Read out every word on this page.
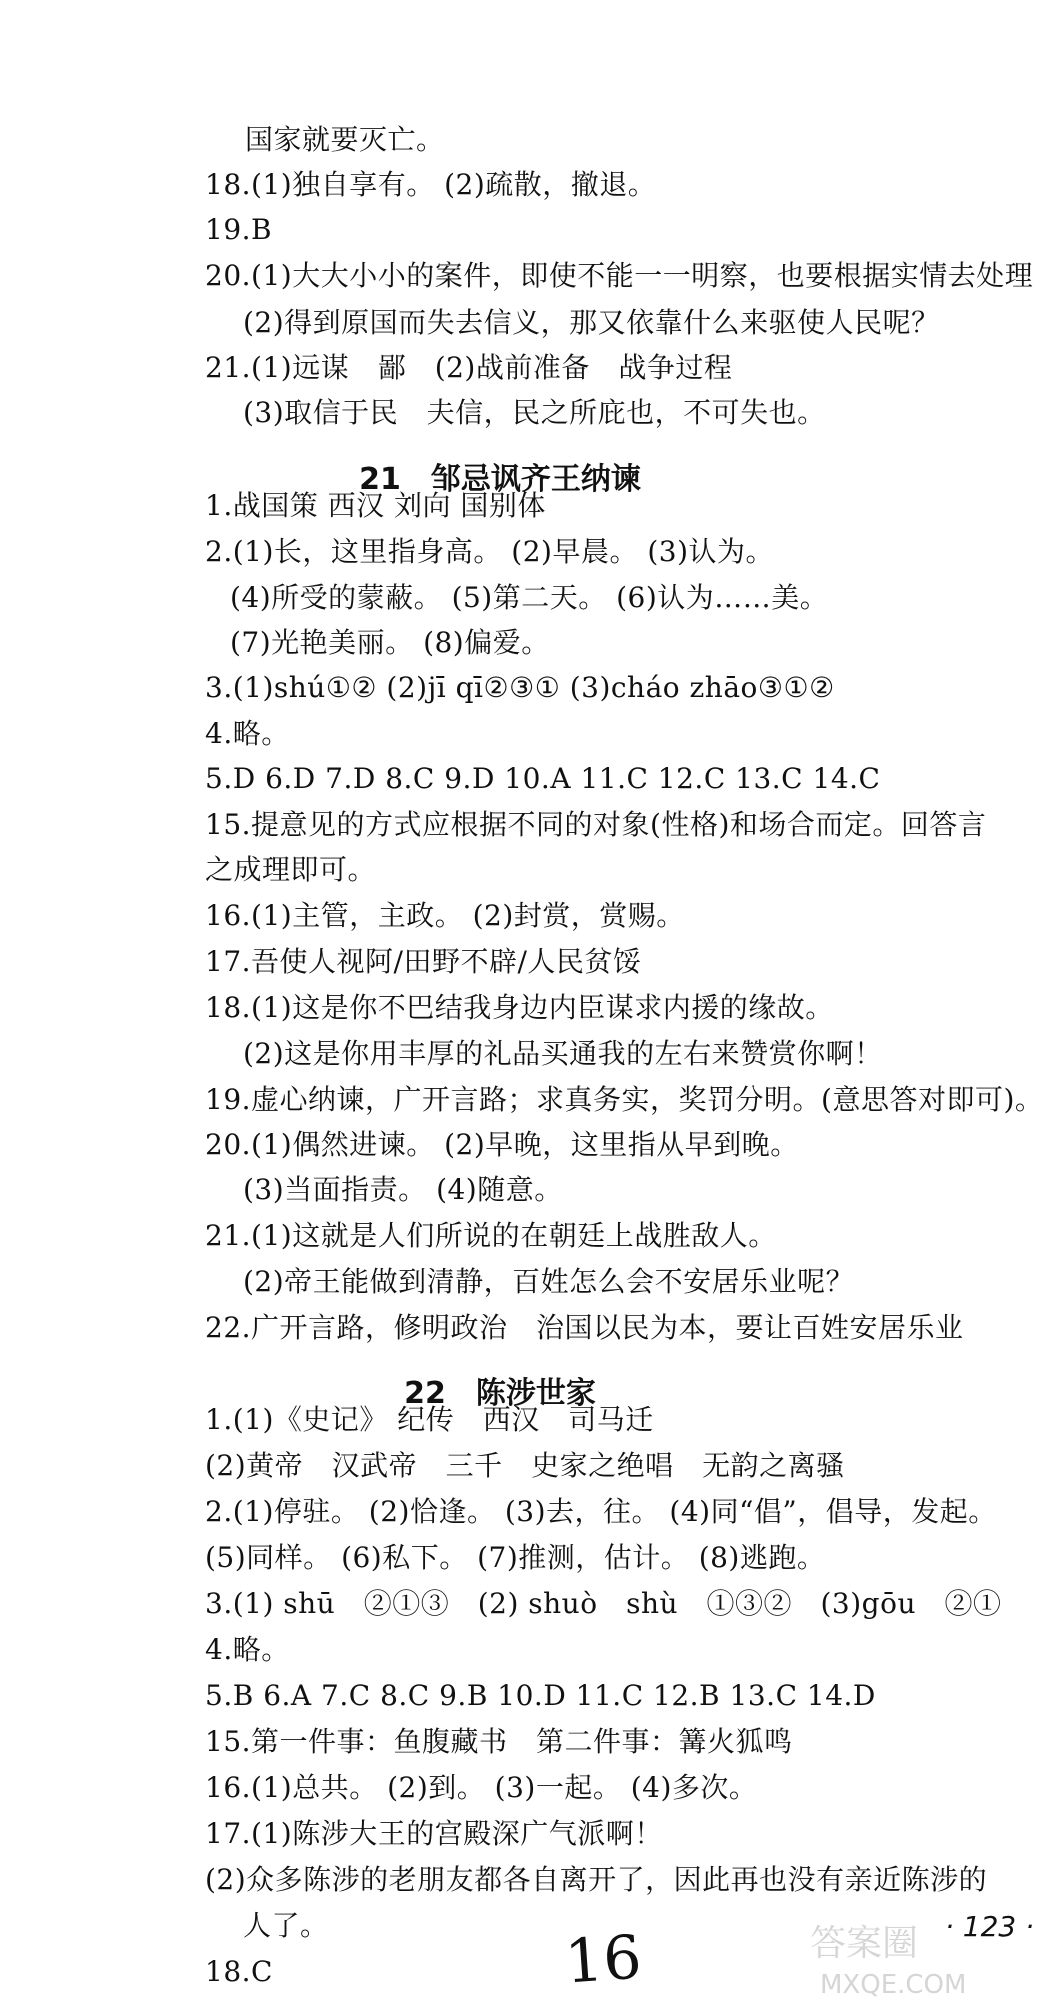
国家就要灭亡。
18.(1)独自享有。 (2)疏散，撤退。
19.B
20.(1)大大小小的案件，即使不能一一明察，也要根据实情去处理
(2)得到原国而失去信义，那又依靠什么来驱使人民呢？
21.(1)远谋　鄙　(2)战前准备　战争过程
(3)取信于民　夫信，民之所庇也，不可失也。
21　邹忌讽齐王纳谏
1.战国策 西汉 刘向 国别体
2.(1)长，这里指身高。 (2)早晨。 (3)认为。
(4)所受的蒙蔽。 (5)第二天。 (6)认为……美。
(7)光艳美丽。 (8)偏爱。
3.(1)shú①② (2)jī qī②③① (3)cháo zhāo③①②
4.略。
5.D 6.D 7.D 8.C 9.D 10.A 11.C 12.C 13.C 14.C
15.提意见的方式应根据不同的对象(性格)和场合而定。回答言
之成理即可。
16.(1)主管，主政。 (2)封赏，赏赐。
17.吾使人视阿/田野不辟/人民贫馁
18.(1)这是你不巴结我身边内臣谋求内援的缘故。
(2)这是你用丰厚的礼品买通我的左右来赞赏你啊！
19.虚心纳谏，广开言路；求真务实，奖罚分明。(意思答对即可)。
20.(1)偶然进谏。 (2)早晚，这里指从早到晚。
(3)当面指责。 (4)随意。
21.(1)这就是人们所说的在朝廷上战胜敌人。
(2)帝王能做到清静，百姓怎么会不安居乐业呢？
22.广开言路，修明政治　治国以民为本，要让百姓安居乐业
22　陈涉世家
1.(1)《史记》 纪传　西汉　司马迁
(2)黄帝　汉武帝　三千　史家之绝唱　无韵之离骚
2.(1)停驻。 (2)恰逢。 (3)去，往。 (4)同“倡”，倡导，发起。
(5)同样。 (6)私下。 (7)推测，估计。 (8)逃跑。
3.(1) shū　②①③　(2) shuò　shù　①③②　(3)gōu　②①
4.略。
5.B 6.A 7.C 8.C 9.B 10.D 11.C 12.B 13.C 14.D
15.第一件事：鱼腹藏书　第二件事：篝火狐鸣
16.(1)总共。 (2)到。 (3)一起。 (4)多次。
17.(1)陈涉大王的宫殿深广气派啊！
(2)众多陈涉的老朋友都各自离开了，因此再也没有亲近陈涉的
人了。
18.C	16	· 123 ·
答案圈
MXQE.COM
